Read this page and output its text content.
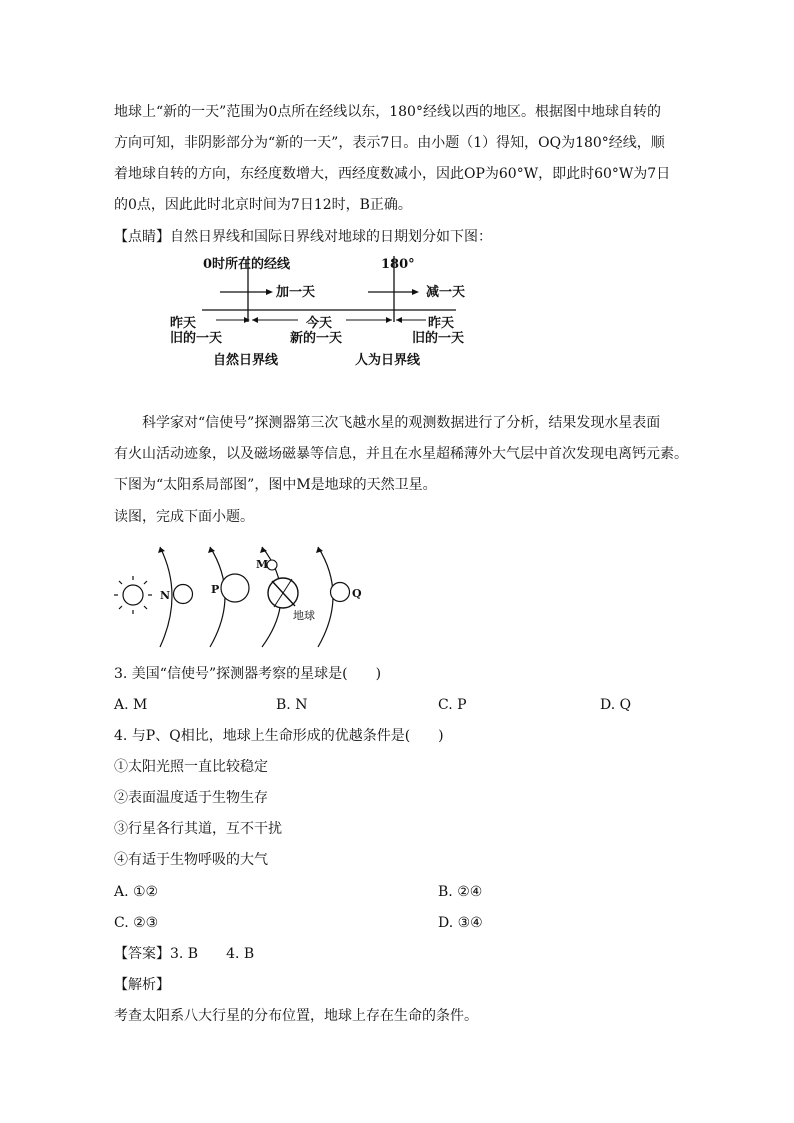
地球上“新的一天”范围为0点所在经线以东，180°经线以西的地区。根据图中地球自转的
方向可知，非阴影部分为“新的一天”，表示7日。由小题（1）得知，OQ为180°经线，顺
着地球自转的方向，东经度数增大，西经度数减小，因此OP为60°W，即此时60°W为7日
的0点，因此此时北京时间为7日12时，B正确。
【点睛】自然日界线和国际日界线对地球的日期划分如下图：
0时所在的经线	180°
加一天	减一天
昨天
旧的一天
今天
新的一天
昨天
旧的一天
自然日界线	人为日界线
科学家对“信使号”探测器第三次飞越水星的观测数据进行了分析，结果发现水星表面
有火山活动迹象，以及磁场磁暴等信息，并且在水星超稀薄外大气层中首次发现电离钙元素。
下图为“太阳系局部图”，图中M是地球的天然卫星。
读图，完成下面小题。
N	P
M
地球
Q
3. 美国“信使号”探测器考察的星球是(　　)
A. M	B. N	C. P	D. Q
4. 与P、Q相比，地球上生命形成的优越条件是(　　)
①太阳光照一直比较稳定
②表面温度适于生物生存
③行星各行其道，互不干扰
④有适于生物呼吸的大气
A. ①②	B. ②④
C. ②③	D. ③④
【答案】3. B　　4. B
【解析】
考查太阳系八大行星的分布位置，地球上存在生命的条件。
